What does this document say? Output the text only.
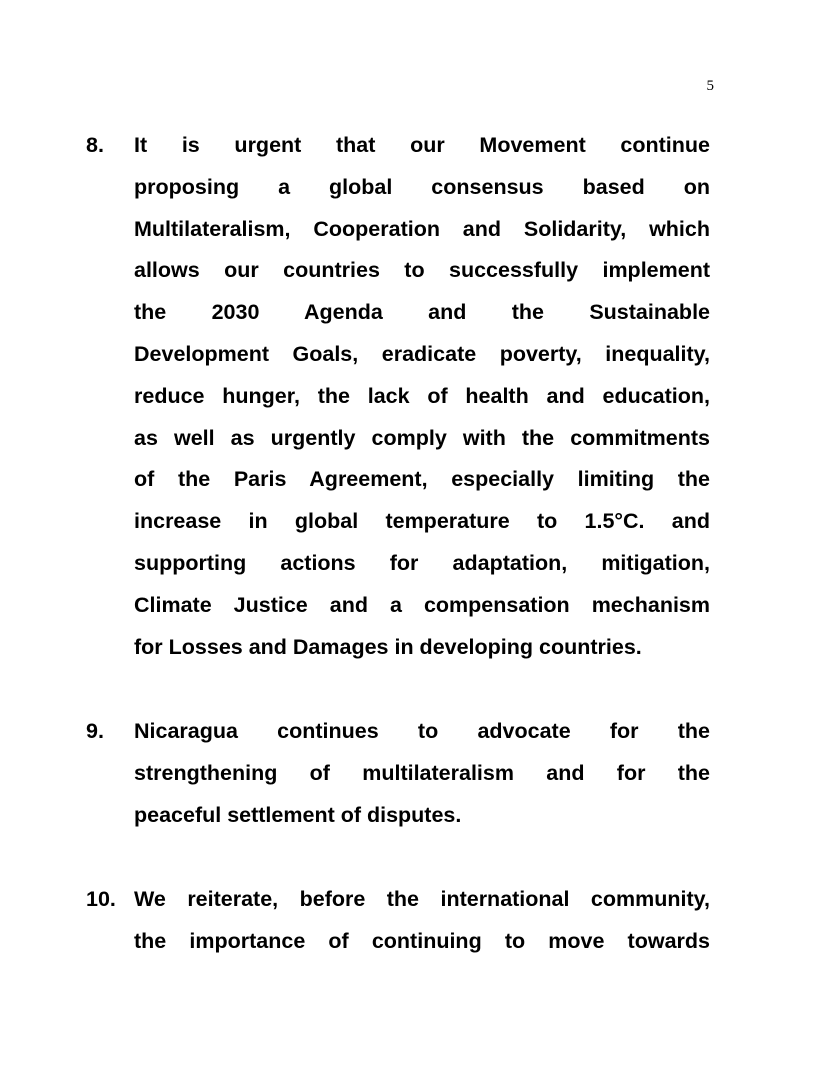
5
8. It is urgent that our Movement continue
proposing a global consensus based on
Multilateralism, Cooperation and Solidarity, which
allows our countries to successfully implement
the 2030 Agenda and the Sustainable
Development Goals, eradicate poverty, inequality,
reduce hunger, the lack of health and education,
as well as urgently comply with the commitments
of the Paris Agreement, especially limiting the
increase in global temperature to 1.5°C. and
supporting actions for adaptation, mitigation,
Climate Justice and a compensation mechanism
for Losses and Damages in developing countries.
9. Nicaragua continues to advocate for the
strengthening of multilateralism and for the
peaceful settlement of disputes.
10. We reiterate, before the international community,
the importance of continuing to move towards
